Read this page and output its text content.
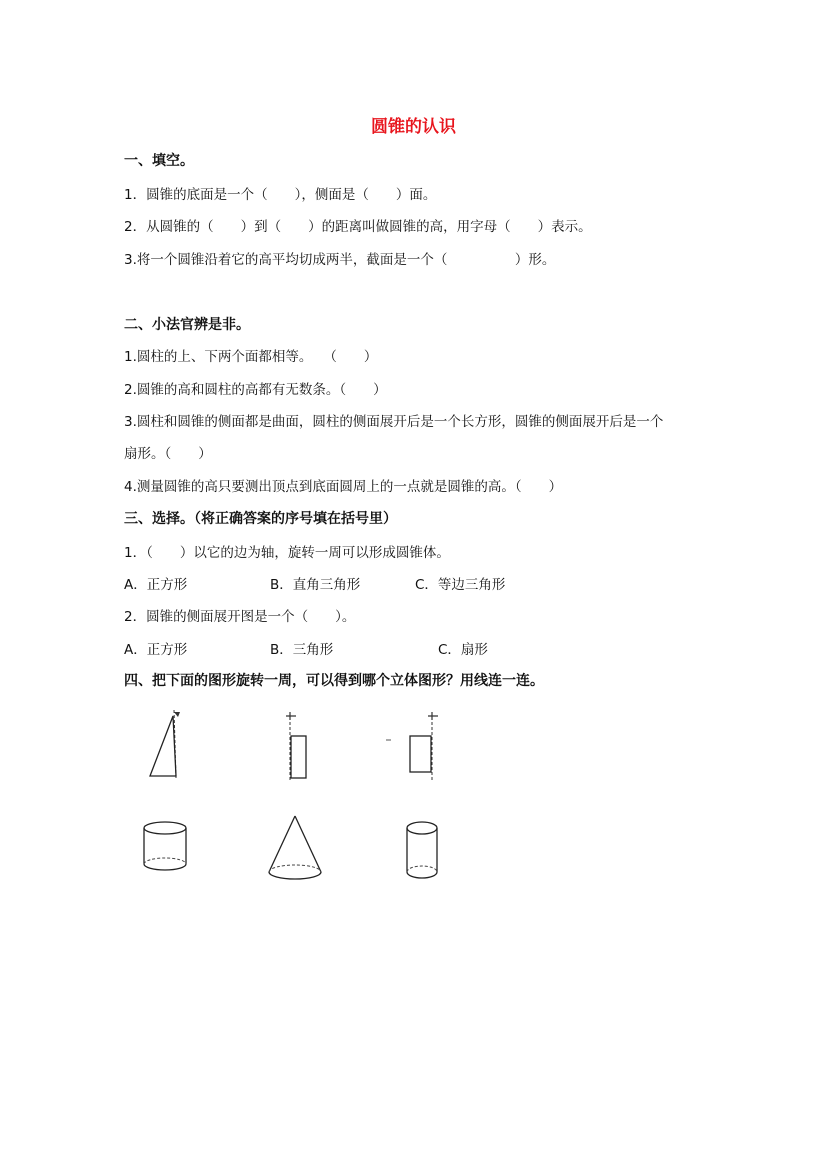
圆锥的认识
一、填空。
1．圆锥的底面是一个（　　），侧面是（　　）面。
2．从圆锥的（　　）到（　　）的距离叫做圆锥的高，用字母（　　）表示。
3.将一个圆锥沿着它的高平均切成两半，截面是一个（　　　　　）形。
二、小法官辨是非。
1.圆柱的上、下两个面都相等。　 （　　）
2.圆锥的高和圆柱的高都有无数条。（　　）
3.圆柱和圆锥的侧面都是曲面，圆柱的侧面展开后是一个长方形，圆锥的侧面展开后是一个
扇形。（　　）
4.测量圆锥的高只要测出顶点到底面圆周上的一点就是圆锥的高。（　　）
三、选择。（将正确答案的序号填在括号里）
1．（　　）以它的边为轴，旋转一周可以形成圆锥体。
A．正方形	B．直角三角形	C．等边三角形
2．圆锥的侧面展开图是一个（　　）。
A．正方形	B．三角形	C．扇形
四、把下面的图形旋转一周，可以得到哪个立体图形？用线连一连。
